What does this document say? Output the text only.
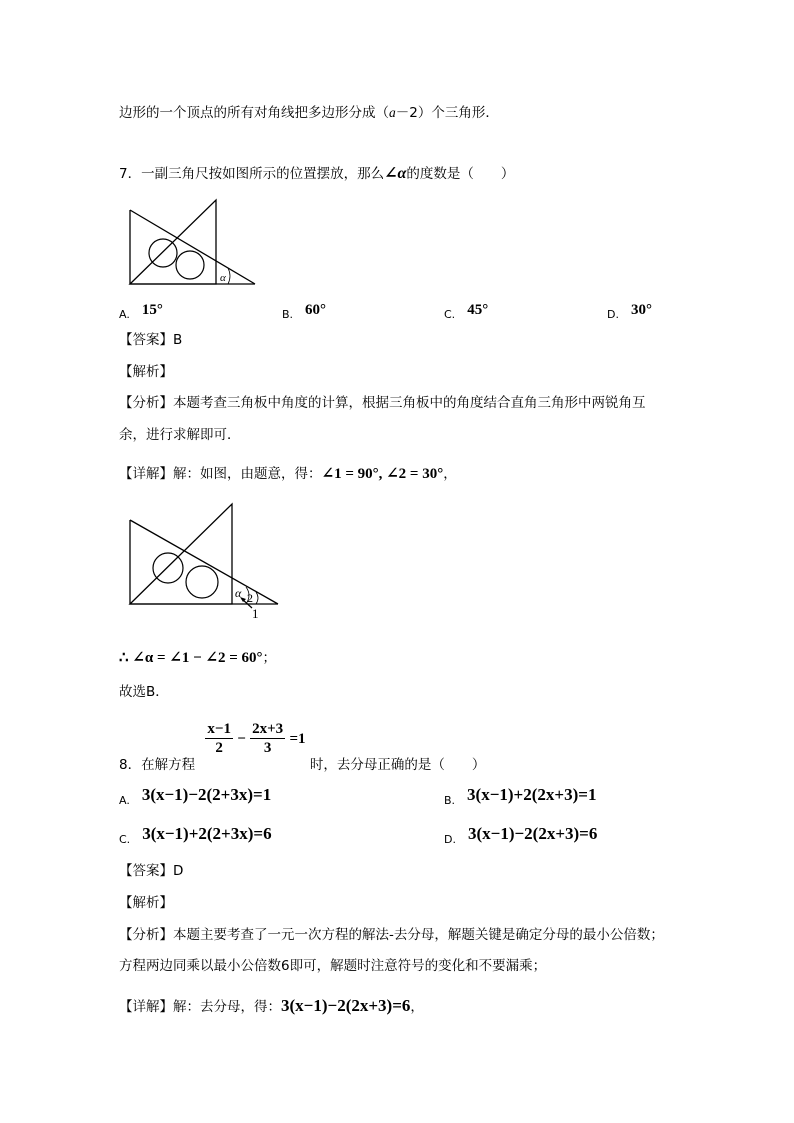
边形的一个顶点的所有对角线把多边形分成（a－2）个三角形．
7．一副三角尺按如图所示的位置摆放，那么∠α的度数是（　　）
α
$_{A.}$ 15°	$_{B.}$ 60°	$_{C.}$ 45°	$_{D.}$ 30°
【答案】B
【解析】
【分析】本题考查三角板中角度的计算，根据三角板中的角度结合直角三角形中两锐角互
余，进行求解即可．
【详解】解：如图，由题意，得：∠1 = 90°, ∠2 = 30°，
α 2
1
∴ ∠α = ∠1 − ∠2 = 60°；
故选B．
8．在解方程
$\frac{x-1}{2} - \frac{2x+3}{3} =1$ 时，去分母正确的是（　　）
$_{A.}$ 3(x−1)−2(2+3x)=1	$_{B.}$ 3(x−1)+2(2x+3)=1
$_{C.}$ 3(x−1)+2(2+3x)=6	$_{D.}$ 3(x−1)−2(2x+3)=6
【答案】D
【解析】
【分析】本题主要考查了一元一次方程的解法-去分母，解题关键是确定分母的最小公倍数；
方程两边同乘以最小公倍数6即可，解题时注意符号的变化和不要漏乘；
【详解】解：去分母，得：3(x−1)−2(2x+3)=6，
